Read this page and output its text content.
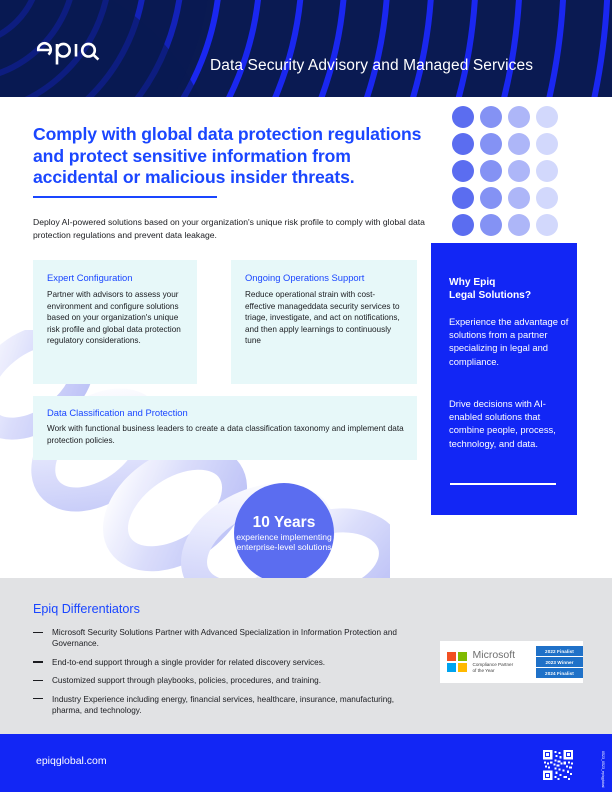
Data Security Advisory and Managed Services
Comply with global data protection regulations and protect sensitive information from accidental or malicious insider threats.
Deploy AI-powered solutions based on your organization's unique risk profile to comply with global data protection regulations and prevent data leakage.
Expert Configuration
Partner with advisors to assess your environment and configure solutions based on your organization's unique risk profile and global data protection regulatory considerations.
Ongoing Operations Support
Reduce operational strain with cost-effective manageddata security services to triage, investigate, and act on notifications, and then apply learnings to continuously tune
Data Classification and Protection
Work with functional business leaders to create a data classification taxonomy and implement data protection policies.
Why Epiq
Legal Solutions?
Experience the advantage of solutions from a partner specializing in legal and compliance.
Drive decisions with AI-enabled solutions that combine people, process, technology, and data.
10 Years
experience implementing enterprise-level solutions
Epiq Differentiators
Microsoft Security Solutions Partner with Advanced Specialization in Information Protection and Governance.
End-to-end support through a single provider for related discovery services.
Customized support through playbooks, policies, procedures, and training.
Industry Experience including energy, financial services, healthcare, insurance, manufacturing, pharma, and technology.
Microsoft
Compliance Partner
of the Year
2022 Finalist
2023 Winner
2024 Finalist
epiqglobal.com	0523_0523_epiqglobal
